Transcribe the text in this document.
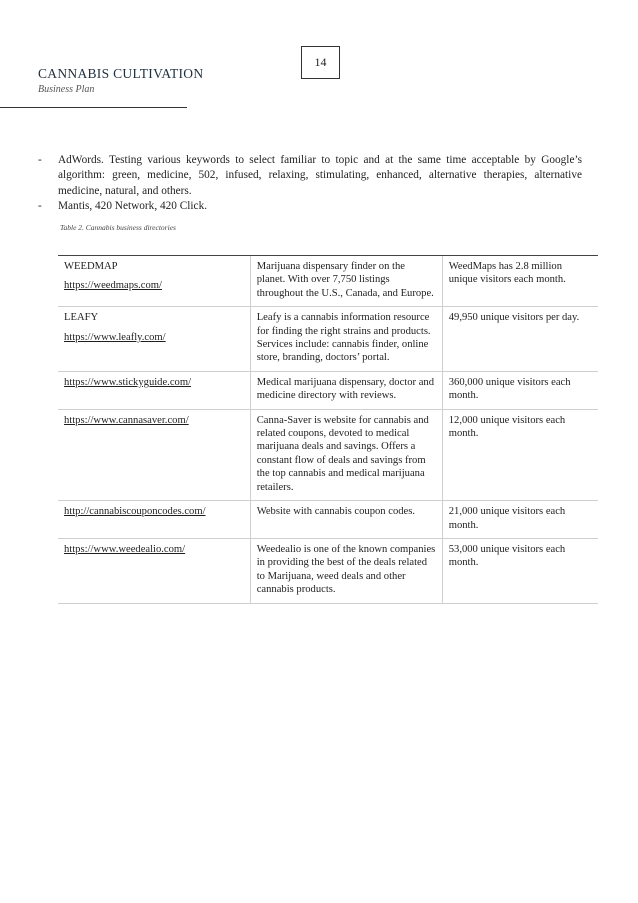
14
CANNABIS CULTIVATION
Business Plan
- AdWords. Testing various keywords to select familiar to topic and at the same time acceptable by Google’s algorithm: green, medicine, 502, infused, relaxing, stimulating, enhanced, alternative therapies, alternative medicine, natural, and others.
- Mantis, 420 Network, 420 Click.
Table 2. Cannabis business directories
WEEDMAP
https://weedmaps.com/	Marijuana dispensary finder on the planet. With over 7,750 listings throughout the U.S., Canada, and Europe.	WeedMaps has 2.8 million unique visitors each month.

LEAFY
https://www.leafly.com/	Leafy is a cannabis information resource for finding the right strains and products. Services include: cannabis finder, online store, branding, doctors’ portal.	49,950 unique visitors per day.

https://www.stickyguide.com/	Medical marijuana dispensary, doctor and medicine directory with reviews.	360,000 unique visitors each month.

https://www.cannasaver.com/	Canna-Saver is website for cannabis and related coupons, devoted to medical marijuana deals and savings. Offers a constant flow of deals and savings from the top cannabis and medical marijuana retailers.	12,000 unique visitors each month.

http://cannabiscouponcodes.com/	Website with cannabis coupon codes.	21,000 unique visitors each month.

https://www.weedealio.com/	Weedealio is one of the known companies in providing the best of the deals related to Marijuana, weed deals and other cannabis products.	53,000 unique visitors each month.
